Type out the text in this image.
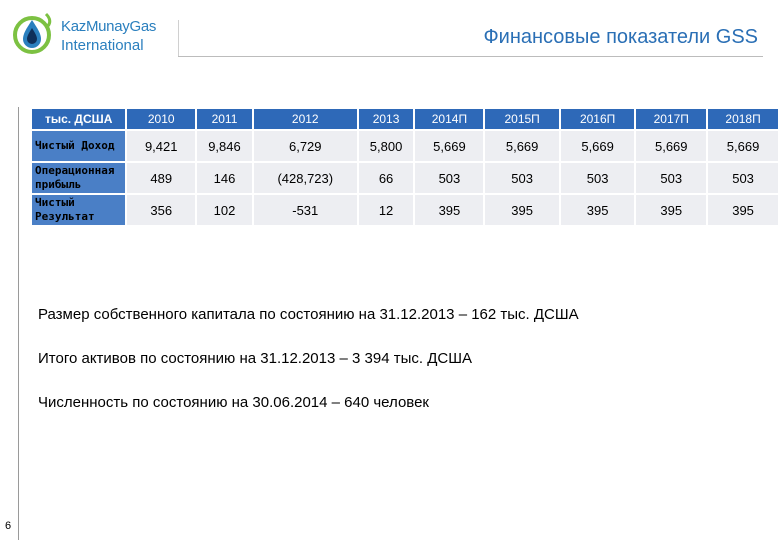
KazMunayGas
International	Финансовые показатели GSS
тыс. ДСША	2010	2011	2012	2013	2014П	2015П	2016П	2017П	2018П
Чистый Доход	9,421	9,846	6,729	5,800	5,669	5,669	5,669	5,669	5,669
Операционная прибыль	489	146	(428,723)	66	503	503	503	503	503
Чистый Результат	356	102	-531	12	395	395	395	395	395
Размер собственного капитала по состоянию на 31.12.2013 – 162 тыс. ДСША
Итого активов по состоянию на 31.12.2013 – 3 394 тыс. ДСША
Численность по состоянию на 30.06.2014 – 640 человек
6
